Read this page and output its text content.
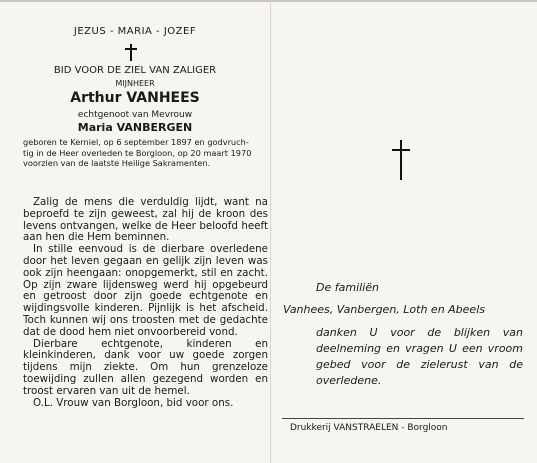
JEZUS - MARIA - JOZEF
BID VOOR DE ZIEL VAN ZALIGER
MIJNHEER
Arthur VANHEES
echtgenoot van Mevrouw
Maria VANBERGEN
geboren te Kerniel, op 6 september 1897 en godvruch-
tig in de Heer overleden te Borgloon, op 20 maart 1970
voorzien van de laatste Heilige Sakramenten.

Zalig de mens die verduldig lijdt, want na beproefd te zijn geweest, zal hij de kroon des levens ontvangen, welke de Heer beloofd heeft aan hen die Hem beminnen.

In stille eenvoud is de dierbare overledene door het leven gegaan en gelijk zijn leven was ook zijn heengaan: onopgemerkt, stil en zacht. Op zijn zware lijdensweg werd hij opgebeurd en getroost door zijn goede echtgenote en wijdingsvolle kinderen. Pijnlijk is het afscheid. Toch kunnen wij ons troosten met de gedachte dat de dood hem niet onvoorbereid vond.

Dierbare echtgenote, kinderen en kleinkinderen, dank voor uw goede zorgen tijdens mijn ziekte. Om hun grenzeloze toewijding zullen allen gezegend worden en troost ervaren van uit de hemel.

O.L. Vrouw van Borgloon, bid voor ons.

De familiën
Vanhees, Vanbergen, Loth en Abeels
danken U voor de blijken van deelneming en vragen U een vroom gebed voor de zielerust van de overledene.
Drukkerij VANSTRAELEN - Borgloon
